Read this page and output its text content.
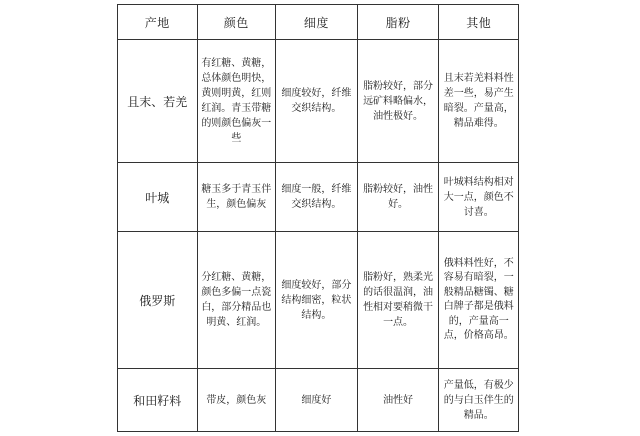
产地	颜色	细度	脂粉	其他
且末、若羌	有红糖、黄糖，总体颜色明快，黄则明黄，红则红润。青玉带糖的则颜色偏灰一些	细度较好，纤维交织结构。	脂粉较好，部分远矿料略偏水，油性极好。	且末若羌料料性差一些，易产生暗裂。产量高，精品难得。
叶城	糖玉多于青玉伴生，颜色偏灰	细度一般，纤维交织结构。	脂粉较好，油性好。	叶城料结构相对大一点，颜色不讨喜。
俄罗斯	分红糖、黄糖，颜色多偏一点瓷白，部分精品也明黄、红润。	细度较好，部分结构细密，粒状结构。	脂粉好，熟柔光的话很温润，油性相对要稍微干一点。	俄料料性好，不容易有暗裂，一般精品糖镯、糖白牌子都是俄料的，产量高一点，价格高昂。
和田籽料	带皮，颜色灰	细度好	油性好	产量低，有极少的与白玉伴生的精品。
